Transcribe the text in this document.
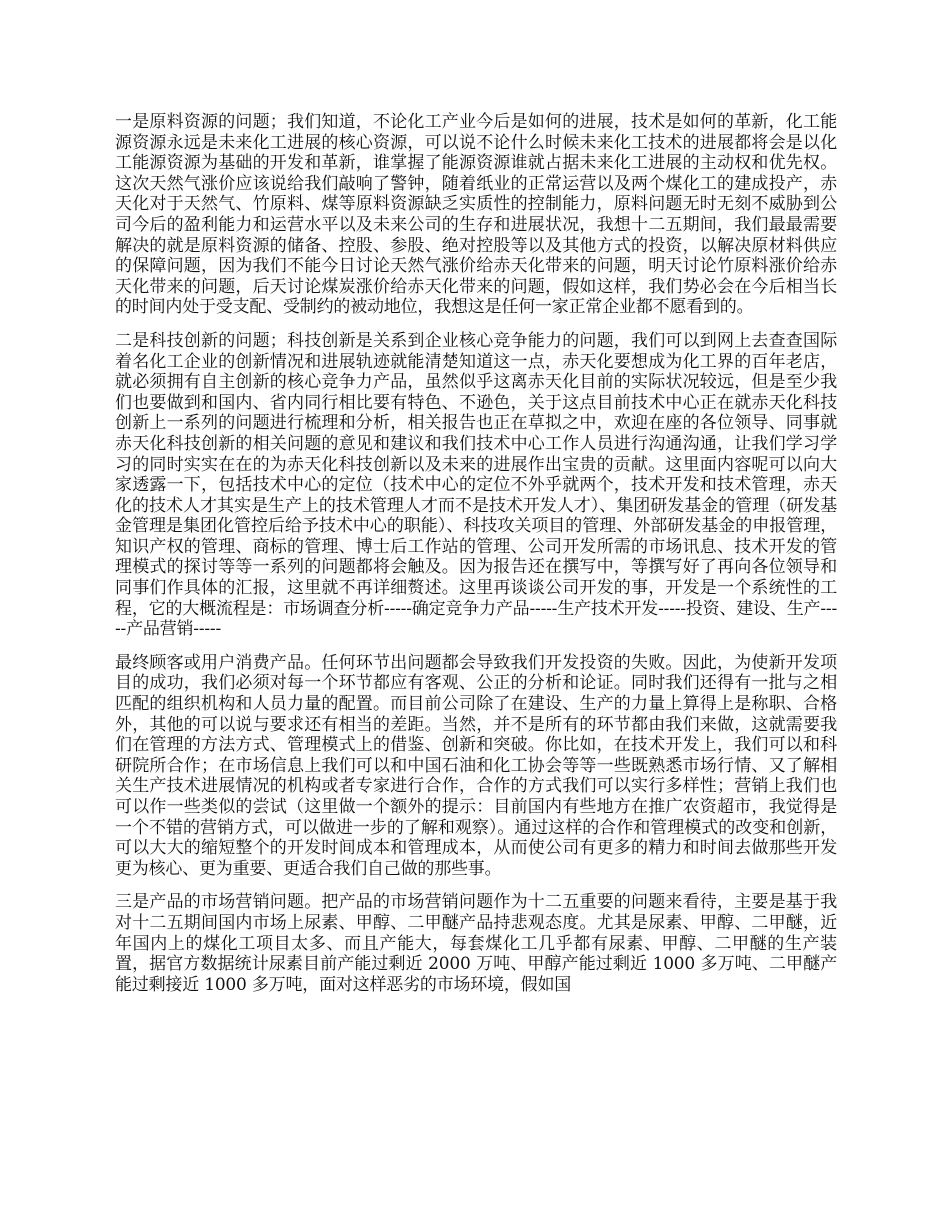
一是原料资源的问题；我们知道，不论化工产业今后是如何的进展，技术是如何的革新，化工能源资源永远是未来化工进展的核心资源，可以说不论什么时候未来化工技术的进展都将会是以化工能源资源为基础的开发和革新，谁掌握了能源资源谁就占据未来化工进展的主动权和优先权。这次天然气涨价应该说给我们敲响了警钟，随着纸业的正常运营以及两个煤化工的建成投产，赤天化对于天然气、竹原料、煤等原料资源缺乏实质性的控制能力，原料问题无时无刻不威胁到公司今后的盈利能力和运营水平以及未来公司的生存和进展状况，我想十二五期间，我们最最需要解决的就是原料资源的储备、控股、参股、绝对控股等以及其他方式的投资，以解决原材料供应的保障问题，因为我们不能今日讨论天然气涨价给赤天化带来的问题，明天讨论竹原料涨价给赤天化带来的问题，后天讨论煤炭涨价给赤天化带来的问题，假如这样，我们势必会在今后相当长的时间内处于受支配、受制约的被动地位，我想这是任何一家正常企业都不愿看到的。

二是科技创新的问题；科技创新是关系到企业核心竞争能力的问题，我们可以到网上去查查国际着名化工企业的创新情况和进展轨迹就能清楚知道这一点，赤天化要想成为化工界的百年老店，就必须拥有自主创新的核心竞争力产品，虽然似乎这离赤天化目前的实际状况较远，但是至少我们也要做到和国内、省内同行相比要有特色、不逊色，关于这点目前技术中心正在就赤天化科技创新上一系列的问题进行梳理和分析，相关报告也正在草拟之中，欢迎在座的各位领导、同事就赤天化科技创新的相关问题的意见和建议和我们技术中心工作人员进行沟通沟通，让我们学习学习的同时实实在在的为赤天化科技创新以及未来的进展作出宝贵的贡献。这里面内容呢可以向大家透露一下，包括技术中心的定位（技术中心的定位不外乎就两个，技术开发和技术管理，赤天化的技术人才其实是生产上的技术管理人才而不是技术开发人才）、集团研发基金的管理（研发基金管理是集团化管控后给予技术中心的职能）、科技攻关项目的管理、外部研发基金的申报管理，知识产权的管理、商标的管理、博士后工作站的管理、公司开发所需的市场讯息、技术开发的管理模式的探讨等等一系列的问题都将会触及。因为报告还在撰写中，等撰写好了再向各位领导和同事们作具体的汇报，这里就不再详细赘述。这里再谈谈公司开发的事，开发是一个系统性的工程，它的大概流程是：市场调查分析-----确定竞争力产品-----生产技术开发-----投资、建设、生产-----产品营销-----

最终顾客或用户消费产品。任何环节出问题都会导致我们开发投资的失败。因此，为使新开发项目的成功，我们必须对每一个环节都应有客观、公正的分析和论证。同时我们还得有一批与之相匹配的组织机构和人员力量的配置。而目前公司除了在建设、生产的力量上算得上是称职、合格外，其他的可以说与要求还有相当的差距。当然，并不是所有的环节都由我们来做，这就需要我们在管理的方法方式、管理模式上的借鉴、创新和突破。你比如，在技术开发上，我们可以和科研院所合作；在市场信息上我们可以和中国石油和化工协会等等一些既熟悉市场行情、又了解相关生产技术进展情况的机构或者专家进行合作，合作的方式我们可以实行多样性；营销上我们也可以作一些类似的尝试（这里做一个额外的提示：目前国内有些地方在推广农资超市，我觉得是一个不错的营销方式，可以做进一步的了解和观察）。通过这样的合作和管理模式的改变和创新，可以大大的缩短整个的开发时间成本和管理成本，从而使公司有更多的精力和时间去做那些开发更为核心、更为重要、更适合我们自己做的那些事。

三是产品的市场营销问题。把产品的市场营销问题作为十二五重要的问题来看待，主要是基于我对十二五期间国内市场上尿素、甲醇、二甲醚产品持悲观态度。尤其是尿素、甲醇、二甲醚，近年国内上的煤化工项目太多、而且产能大，每套煤化工几乎都有尿素、甲醇、二甲醚的生产装置，据官方数据统计尿素目前产能过剩近 2000 万吨、甲醇产能过剩近 1000 多万吨、二甲醚产能过剩接近 1000 多万吨，面对这样恶劣的市场环境，假如国
